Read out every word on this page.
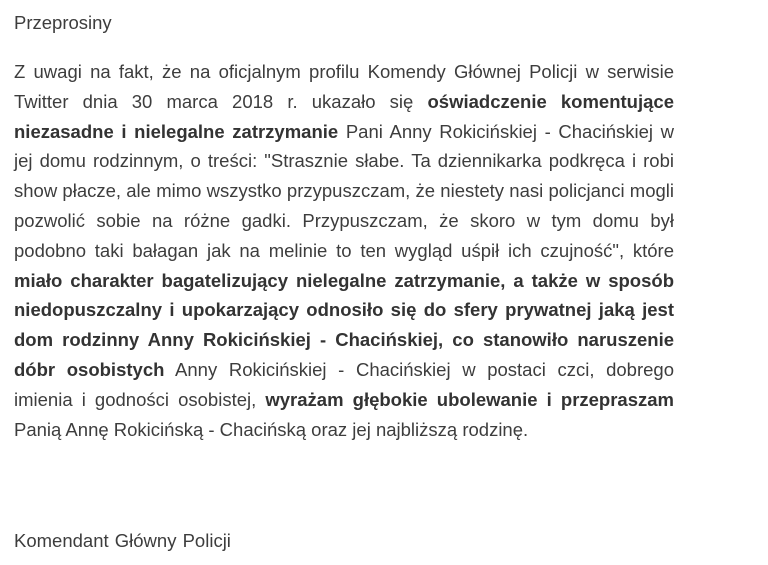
Przeprosiny

Z uwagi na fakt, że na oficjalnym profilu Komendy Głównej Policji w serwisie Twitter dnia 30 marca 2018 r. ukazało się oświadczenie komentujące niezasadne i nielegalne zatrzymanie Pani Anny Rokicińskiej - Chacińskiej w jej domu rodzinnym, o treści: "Strasznie słabe. Ta dziennikarka podkręca i robi show płacze, ale mimo wszystko przypuszczam, że niestety nasi policjanci mogli pozwolić sobie na różne gadki. Przypuszczam, że skoro w tym domu był podobno taki bałagan jak na melinie to ten wygląd uśpił ich czujność", które miało charakter bagatelizujący nielegalne zatrzymanie, a także w sposób niedopuszczalny i upokarzający odnosiło się do sfery prywatnej jaką jest dom rodzinny Anny Rokicińskiej - Chacińskiej, co stanowiło naruszenie dóbr osobistych Anny Rokicińskiej - Chacińskiej w postaci czci, dobrego imienia i godności osobistej, wyrażam głębokie ubolewanie i przepraszam Panią Annę Rokicińską - Chacińską oraz jej najbliższą rodzinę.

Komendant Główny Policji
